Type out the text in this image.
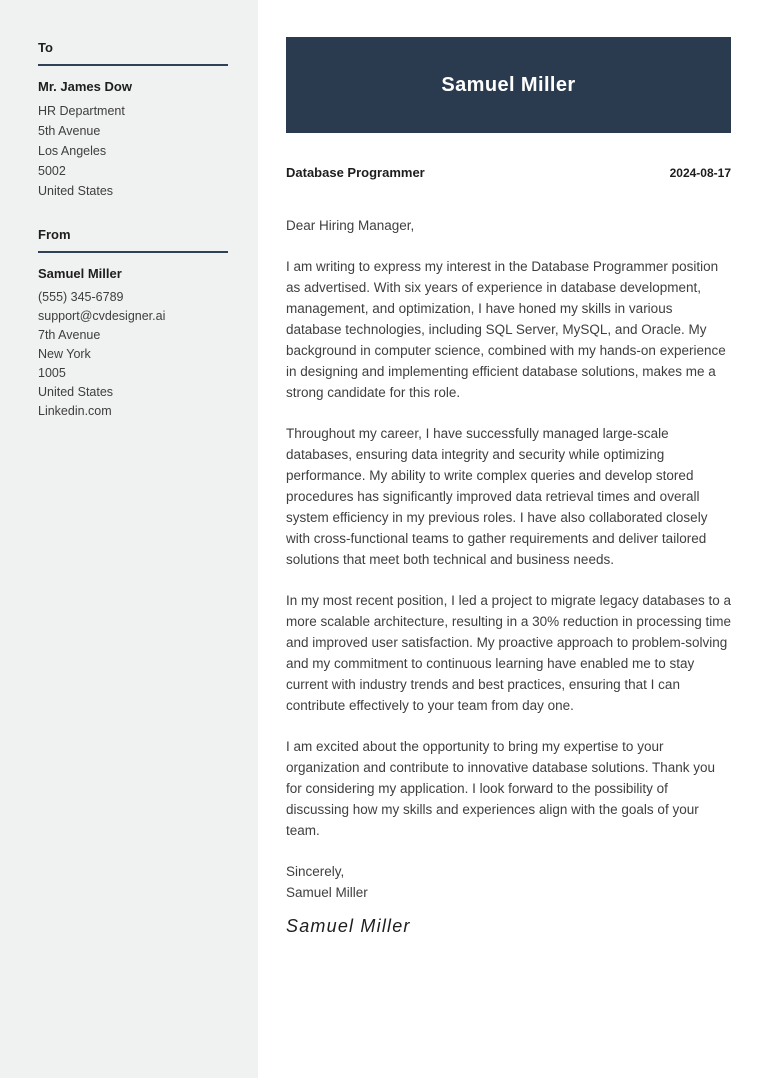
To

Mr. James Dow

HR Department

5th Avenue

Los Angeles

5002

United States

From

Samuel Miller

(555) 345-6789

support@cvdesigner.ai

7th Avenue

New York

1005

United States

Linkedin.com

Samuel Miller
Database Programmer	2024-08-17

Dear Hiring Manager,

I am writing to express my interest in the Database Programmer position as advertised. With six years of experience in database development, management, and optimization, I have honed my skills in various database technologies, including SQL Server, MySQL, and Oracle. My background in computer science, combined with my hands-on experience in designing and implementing efficient database solutions, makes me a strong candidate for this role.

Throughout my career, I have successfully managed large-scale databases, ensuring data integrity and security while optimizing performance. My ability to write complex queries and develop stored procedures has significantly improved data retrieval times and overall system efficiency in my previous roles. I have also collaborated closely with cross-functional teams to gather requirements and deliver tailored solutions that meet both technical and business needs.

In my most recent position, I led a project to migrate legacy databases to a more scalable architecture, resulting in a 30% reduction in processing time and improved user satisfaction. My proactive approach to problem-solving and my commitment to continuous learning have enabled me to stay current with industry trends and best practices, ensuring that I can contribute effectively to your team from day one.

I am excited about the opportunity to bring my expertise to your organization and contribute to innovative database solutions. Thank you for considering my application. I look forward to the possibility of discussing how my skills and experiences align with the goals of your team.

Sincerely,

Samuel Miller

Samuel Miller
